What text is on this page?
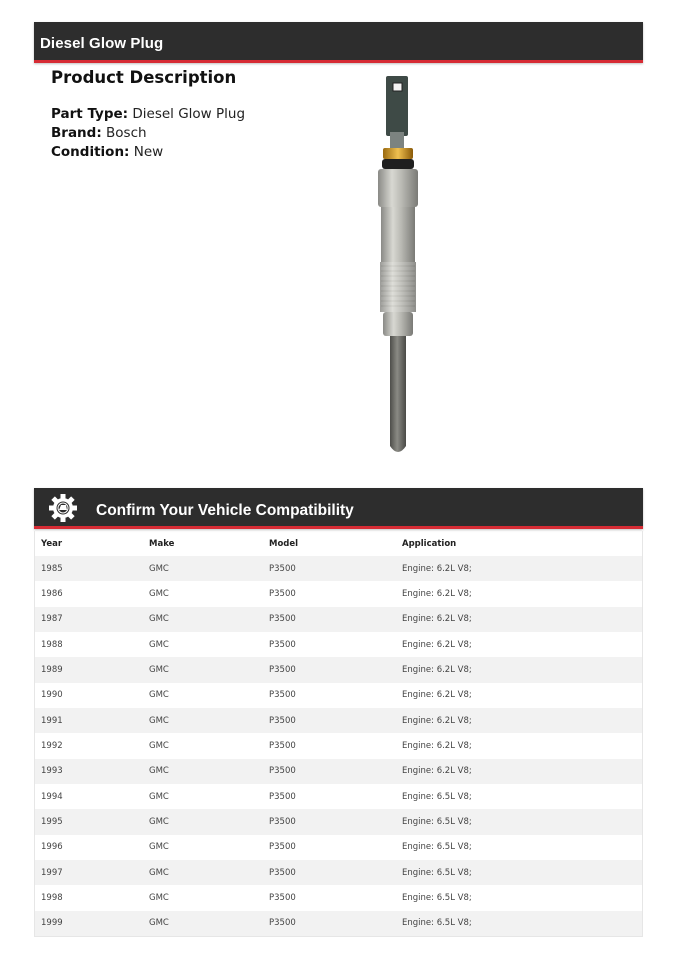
Diesel Glow Plug
Product Description
Part Type: Diesel Glow Plug
Brand: Bosch
Condition: New
Confirm Your Vehicle Compatibility
Year	Make	Model	Application
1985	GMC	P3500	Engine: 6.2L V8;
1986	GMC	P3500	Engine: 6.2L V8;
1987	GMC	P3500	Engine: 6.2L V8;
1988	GMC	P3500	Engine: 6.2L V8;
1989	GMC	P3500	Engine: 6.2L V8;
1990	GMC	P3500	Engine: 6.2L V8;
1991	GMC	P3500	Engine: 6.2L V8;
1992	GMC	P3500	Engine: 6.2L V8;
1993	GMC	P3500	Engine: 6.2L V8;
1994	GMC	P3500	Engine: 6.5L V8;
1995	GMC	P3500	Engine: 6.5L V8;
1996	GMC	P3500	Engine: 6.5L V8;
1997	GMC	P3500	Engine: 6.5L V8;
1998	GMC	P3500	Engine: 6.5L V8;
1999	GMC	P3500	Engine: 6.5L V8;
